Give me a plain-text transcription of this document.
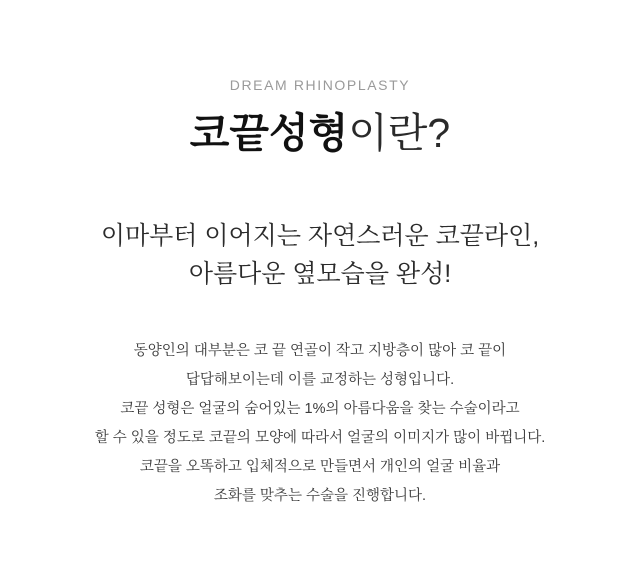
DREAM RHINOPLASTY
코끝성형이란?
이마부터 이어지는 자연스러운 코끝라인,
아름다운 옆모습을 완성!
동양인의 대부분은 코 끝 연골이 작고 지방층이 많아 코 끝이
답답해보이는데 이를 교정하는 성형입니다.
코끝 성형은 얼굴의 숨어있는 1%의 아름다움을 찾는 수술이라고
할 수 있을 정도로 코끝의 모양에 따라서 얼굴의 이미지가 많이 바뀝니다.
코끝을 오똑하고 입체적으로 만들면서 개인의 얼굴 비율과
조화를 맞추는 수술을 진행합니다.
